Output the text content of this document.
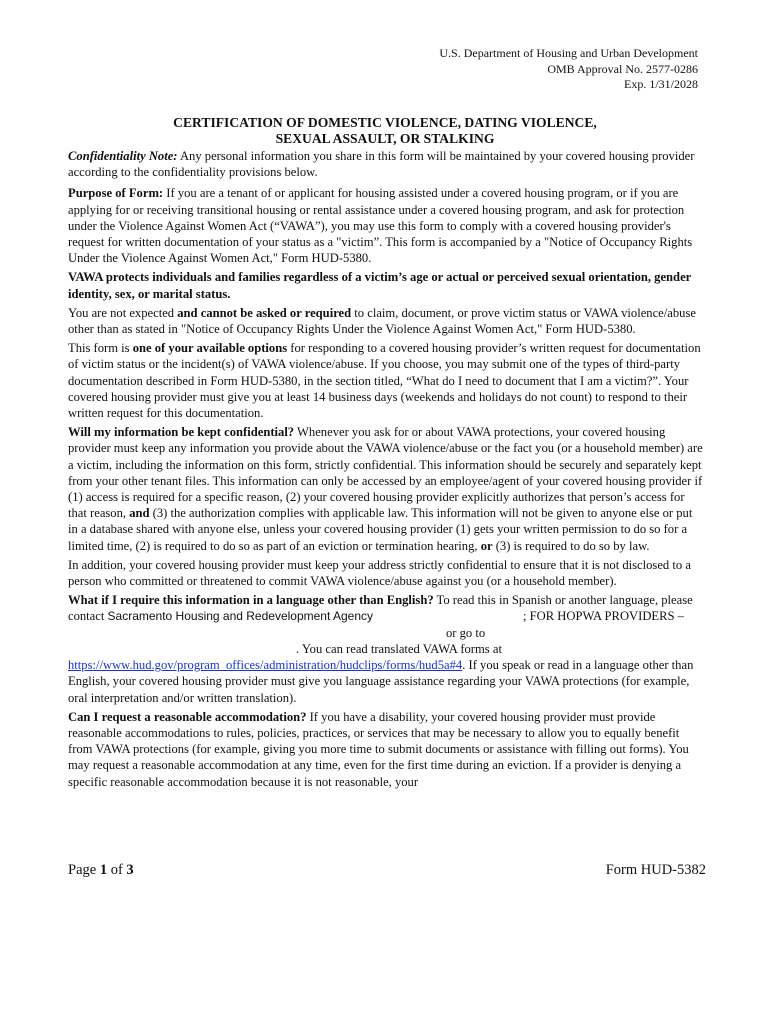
U.S. Department of Housing and Urban Development
OMB Approval No. 2577-0286
Exp. 1/31/2028
CERTIFICATION OF DOMESTIC VIOLENCE, DATING VIOLENCE,
SEXUAL ASSAULT, OR STALKING

Confidentiality Note: Any personal information you share in this form will be maintained by your covered housing provider according to the confidentiality provisions below.

Purpose of Form: If you are a tenant of or applicant for housing assisted under a covered housing program, or if you are applying for or receiving transitional housing or rental assistance under a covered housing program, and ask for protection under the Violence Against Women Act (“VAWA”), you may use this form to comply with a covered housing provider's request for written documentation of your status as a "victim”. This form is accompanied by a "Notice of Occupancy Rights Under the Violence Against Women Act," Form HUD-5380.

VAWA protects individuals and families regardless of a victim’s age or actual or perceived sexual orientation, gender identity, sex, or marital status.

You are not expected and cannot be asked or required to claim, document, or prove victim status or VAWA violence/abuse other than as stated in "Notice of Occupancy Rights Under the Violence Against Women Act," Form HUD-5380.

This form is one of your available options for responding to a covered housing provider’s written request for documentation of victim status or the incident(s) of VAWA violence/abuse. If you choose, you may submit one of the types of third-party documentation described in Form HUD-5380, in the section titled, “What do I need to document that I am a victim?”. Your covered housing provider must give you at least 14 business days (weekends and holidays do not count) to respond to their written request for this documentation.

Will my information be kept confidential? Whenever you ask for or about VAWA protections, your covered housing provider must keep any information you provide about the VAWA violence/abuse or the fact you (or a household member) are a victim, including the information on this form, strictly confidential. This information should be securely and separately kept from your other tenant files. This information can only be accessed by an employee/agent of your covered housing provider if (1) access is required for a specific reason, (2) your covered housing provider explicitly authorizes that person’s access for that reason, and (3) the authorization complies with applicable law. This information will not be given to anyone else or put in a database shared with anyone else, unless your covered housing provider (1) gets your written permission to do so for a limited time, (2) is required to do so as part of an eviction or termination hearing, or (3) is required to do so by law.

In addition, your covered housing provider must keep your address strictly confidential to ensure that it is not disclosed to a person who committed or threatened to commit VAWA violence/abuse against you (or a household member).

What if I require this information in a language other than English? To read this in Spanish or another language, please contact Sacramento Housing and Redevelopment Agency	; FOR HOPWA PROVIDERS –or go to
. You can read translated VAWA forms at https://www.hud.gov/program_offices/administration/hudclips/forms/hud5a#4. If you speak or read in a language other than English, your covered housing provider must give you language assistance regarding your VAWA protections (for example, oral interpretation and/or written translation).

Can I request a reasonable accommodation? If you have a disability, your covered housing provider must provide reasonable accommodations to rules, policies, practices, or services that may be necessary to allow you to equally benefit from VAWA protections (for example, giving you more time to submit documents or assistance with filling out forms). You may request a reasonable accommodation at any time, even for the first time during an eviction. If a provider is denying a specific reasonable accommodation because it is not reasonable, your

Page 1 of 3	Form HUD-5382
